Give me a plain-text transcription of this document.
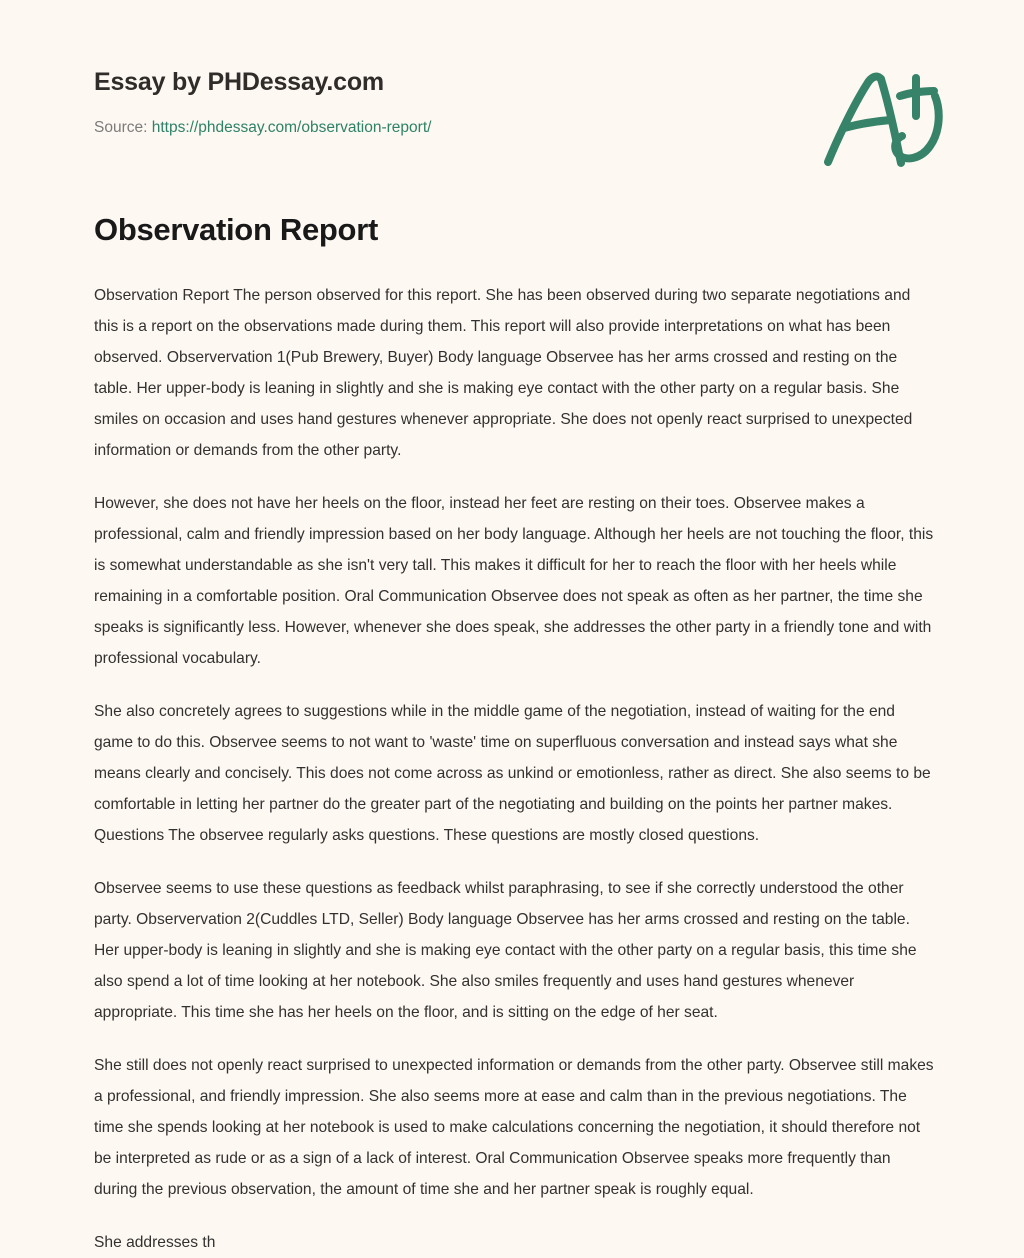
Essay by PHDessay.com
Source: https://phdessay.com/observation-report/
Observation Report

Observation Report The person observed for this report. She has been observed during two separate negotiations and this is a report on the observations made during them. This report will also provide interpretations on what has been observed. Observervation 1(Pub Brewery, Buyer) Body language Observee has her arms crossed and resting on the table. Her upper-body is leaning in slightly and she is making eye contact with the other party on a regular basis. She smiles on occasion and uses hand gestures whenever appropriate. She does not openly react surprised to unexpected information or demands from the other party.

However, she does not have her heels on the floor, instead her feet are resting on their toes. Observee makes a professional, calm and friendly impression based on her body language. Although her heels are not touching the floor, this is somewhat understandable as she isn't very tall. This makes it difficult for her to reach the floor with her heels while remaining in a comfortable position. Oral Communication Observee does not speak as often as her partner, the time she speaks is significantly less. However, whenever she does speak, she addresses the other party in a friendly tone and with professional vocabulary.

She also concretely agrees to suggestions while in the middle game of the negotiation, instead of waiting for the end game to do this. Observee seems to not want to 'waste' time on superfluous conversation and instead says what she means clearly and concisely. This does not come across as unkind or emotionless, rather as direct. She also seems to be comfortable in letting her partner do the greater part of the negotiating and building on the points her partner makes. Questions The observee regularly asks questions. These questions are mostly closed questions.

Observee seems to use these questions as feedback whilst paraphrasing, to see if she correctly understood the other party. Observervation 2(Cuddles LTD, Seller) Body language Observee has her arms crossed and resting on the table. Her upper-body is leaning in slightly and she is making eye contact with the other party on a regular basis, this time she also spend a lot of time looking at her notebook. She also smiles frequently and uses hand gestures whenever appropriate. This time she has her heels on the floor, and is sitting on the edge of her seat.

She still does not openly react surprised to unexpected information or demands from the other party. Observee still makes a professional, and friendly impression. She also seems more at ease and calm than in the previous negotiations. The time she spends looking at her notebook is used to make calculations concerning the negotiation, it should therefore not be interpreted as rude or as a sign of a lack of interest. Oral Communication Observee speaks more frequently than during the previous observation, the amount of time she and her partner speak is roughly equal.

She addresses th
